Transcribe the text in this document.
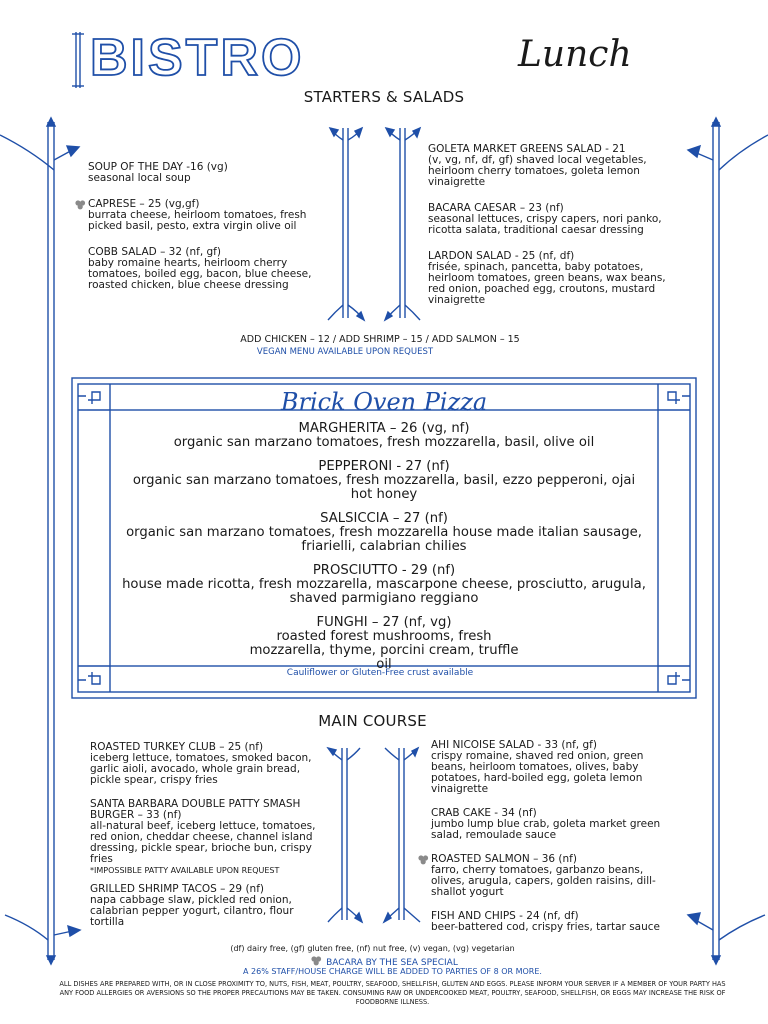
BISTRO	Lunch
STARTERS & SALADS
SOUP OF THE DAY -16 (vg)
seasonal local soup
CAPRESE – 25 (vg,gf)
burrata cheese, heirloom tomatoes, fresh picked basil, pesto, extra virgin olive oil
COBB SALAD – 32 (nf, gf)
baby romaine hearts, heirloom cherry tomatoes, boiled egg, bacon, blue cheese, roasted chicken, blue cheese dressing
GOLETA MARKET GREENS SALAD - 21
(v, vg, nf, df, gf) shaved local vegetables, heirloom cherry tomatoes, goleta lemon vinaigrette
BACARA CAESAR – 23 (nf)
seasonal lettuces, crispy capers, nori panko, ricotta salata, traditional caesar dressing
LARDON SALAD - 25 (nf, df)
frisée, spinach, pancetta, baby potatoes, heirloom tomatoes, green beans, wax beans, red onion, poached egg, croutons, mustard vinaigrette
ADD CHICKEN – 12 / ADD SHRIMP – 15 / ADD SALMON – 15
VEGAN MENU AVAILABLE UPON REQUEST
Brick Oven Pizza
MARGHERITA – 26 (vg, nf)
organic san marzano tomatoes, fresh mozzarella, basil, olive oil
PEPPERONI - 27 (nf)
organic san marzano tomatoes, fresh mozzarella, basil, ezzo pepperoni, ojai hot honey
SALSICCIA – 27 (nf)
organic san marzano tomatoes, fresh mozzarella house made italian sausage, friarielli, calabrian chilies
PROSCIUTTO - 29 (nf)
house made ricotta, fresh mozzarella, mascarpone cheese, prosciutto, arugula, shaved parmigiano reggiano
FUNGHI – 27 (nf, vg)
roasted forest mushrooms, fresh mozzarella, thyme, porcini cream, truffle oil
Cauliflower or Gluten-Free crust available
MAIN COURSE
ROASTED TURKEY CLUB – 25 (nf)
iceberg lettuce, tomatoes, smoked bacon, garlic aioli, avocado, whole grain bread, pickle spear, crispy fries
SANTA BARBARA DOUBLE PATTY SMASH BURGER – 33 (nf)
all-natural beef, iceberg lettuce, tomatoes, red onion, cheddar cheese, channel island dressing, pickle spear, brioche bun, crispy fries
*IMPOSSIBLE PATTY AVAILABLE UPON REQUEST
GRILLED SHRIMP TACOS – 29 (nf)
napa cabbage slaw, pickled red onion, calabrian pepper yogurt, cilantro, flour tortilla
AHI NICOISE SALAD - 33 (nf, gf)
crispy romaine, shaved red onion, green beans, heirloom tomatoes, olives, baby potatoes, hard-boiled egg, goleta lemon vinaigrette
CRAB CAKE - 34 (nf)
jumbo lump blue crab, goleta market green salad, remoulade sauce
ROASTED SALMON – 36 (nf)
farro, cherry tomatoes, garbanzo beans, olives, arugula, capers, golden raisins, dill-shallot yogurt
FISH AND CHIPS - 24 (nf, df)
beer-battered cod, crispy fries, tartar sauce
(df) dairy free, (gf) gluten free, (nf) nut free, (v) vegan, (vg) vegetarian
BACARA BY THE SEA SPECIAL
A 26% STAFF/HOUSE CHARGE WILL BE ADDED TO PARTIES OF 8 OR MORE.
ALL DISHES ARE PREPARED WITH, OR IN CLOSE PROXIMITY TO, NUTS, FISH, MEAT, POULTRY, SEAFOOD, SHELLFISH, GLUTEN AND EGGS. PLEASE INFORM YOUR SERVER IF A MEMBER OF YOUR PARTY HAS ANY FOOD ALLERGIES OR AVERSIONS SO THE PROPER PRECAUTIONS MAY BE TAKEN. CONSUMING RAW OR UNDERCOOKED MEAT, POULTRY, SEAFOOD, SHELLFISH, OR EGGS MAY INCREASE THE RISK OF FOODBORNE ILLNESS.
